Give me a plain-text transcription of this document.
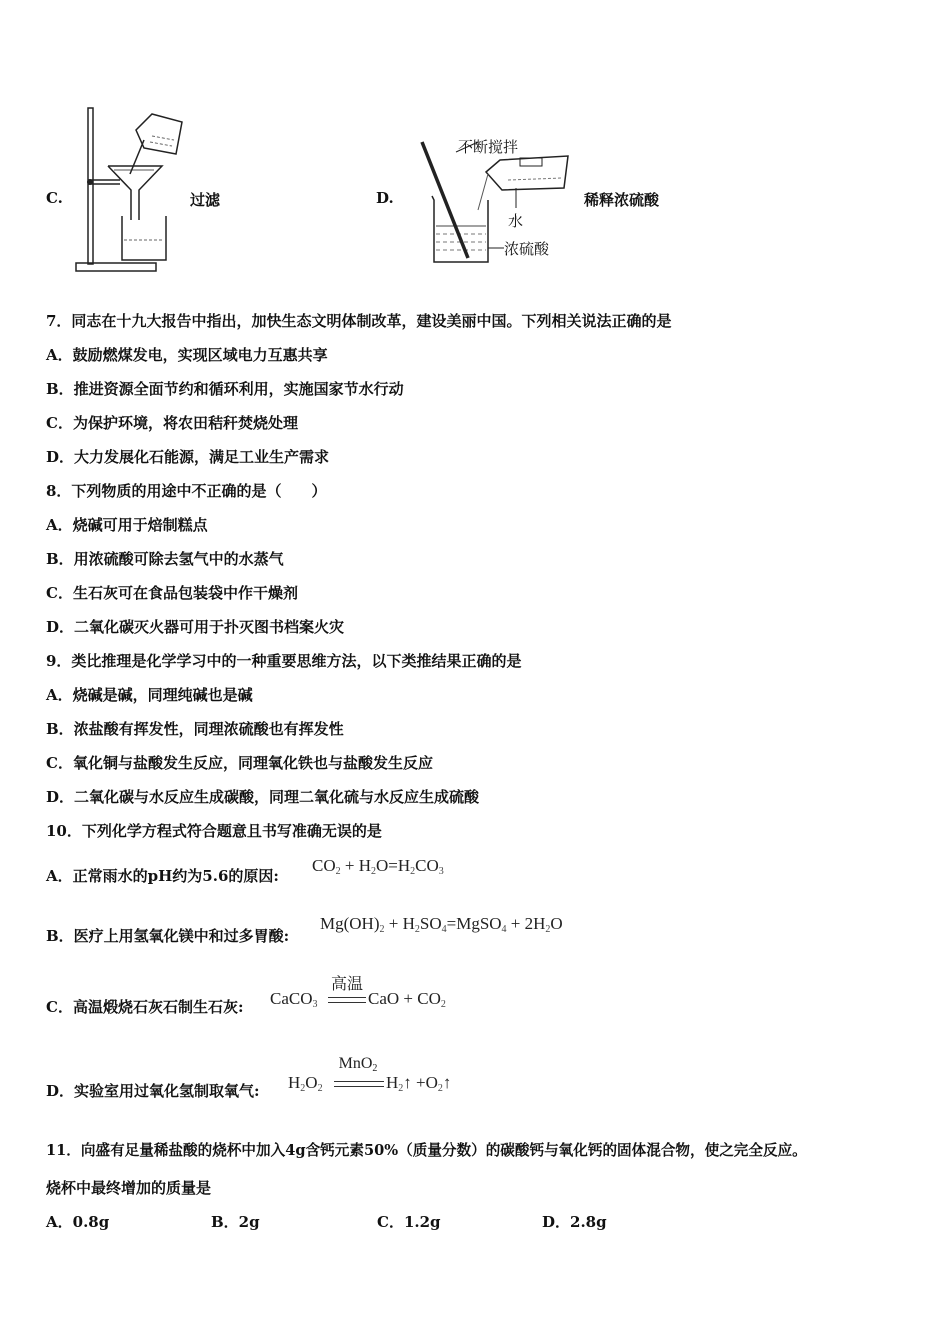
C.	过滤	D.
不断搅拌
水
浓硫酸
稀释浓硫酸
7．同志在十九大报告中指出，加快生态文明体制改革，建设美丽中国。下列相关说法正确的是
A．鼓励燃煤发电，实现区域电力互惠共享
B．推进资源全面节约和循环利用，实施国家节水行动
C．为保护环境，将农田秸秆焚烧处理
D．大力发展化石能源，满足工业生产需求
8．下列物质的用途中不正确的是（　　）
A．烧碱可用于焙制糕点
B．用浓硫酸可除去氢气中的水蒸气
C．生石灰可在食品包装袋中作干燥剂
D．二氧化碳灭火器可用于扑灭图书档案火灾
9．类比推理是化学学习中的一种重要思维方法，以下类推结果正确的是
A．烧碱是碱，同理纯碱也是碱
B．浓盐酸有挥发性，同理浓硫酸也有挥发性
C．氧化铜与盐酸发生反应，同理氧化铁也与盐酸发生反应
D．二氧化碳与水反应生成碳酸，同理二氧化硫与水反应生成硫酸
10．下列化学方程式符合题意且书写准确无误的是
A．正常雨水的pH约为5.6的原因:
$CO_2 + H_2O=H_2CO_3$
B．医疗上用氢氧化镁中和过多胃酸:
$Mg(OH)_2$ + $H_2SO_4=MgSO_4 + 2H_2O$
C．高温煅烧石灰石制生石灰: CaCO$_3$
高温
CaO + $CO_2$
D．实验室用过氧化氢制取氧气: $H_2O_2$
MnO$_2$
$H_2↑$ $+O_2↑$
11．向盛有足量稀盐酸的烧杯中加入4g含钙元素50%（质量分数）的碳酸钙与氧化钙的固体混合物，使之完全反应。
烧杯中最终增加的质量是
A．0.8g	B．2g	C．1.2g	D．2.8g
